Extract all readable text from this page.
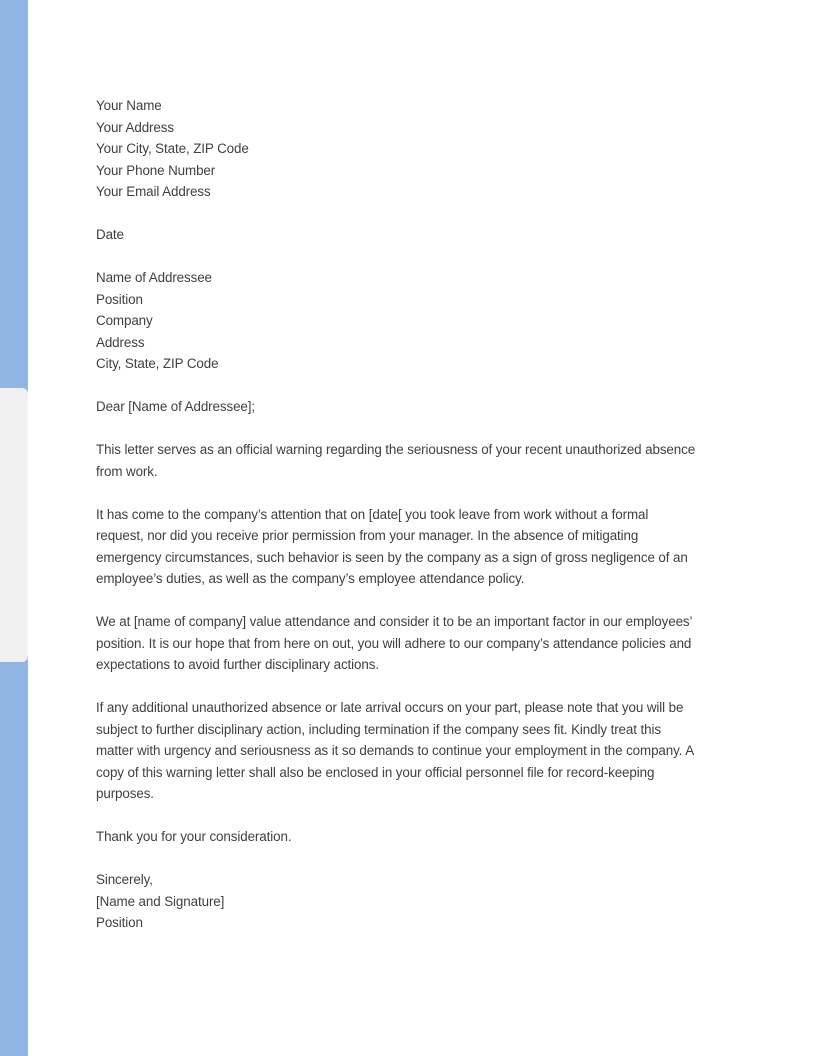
Your Name
Your Address
Your City, State, ZIP Code
Your Phone Number
Your Email Address
Date
Name of Addressee
Position
Company
Address
City, State, ZIP Code
Dear [Name of Addressee];
This letter serves as an official warning regarding the seriousness of your recent unauthorized absence
from work.
It has come to the company’s attention that on [date[ you took leave from work without a formal
request, nor did you receive prior permission from your manager. In the absence of mitigating
emergency circumstances, such behavior is seen by the company as a sign of gross negligence of an
employee’s duties, as well as the company’s employee attendance policy.
We at [name of company] value attendance and consider it to be an important factor in our employees’
position. It is our hope that from here on out, you will adhere to our company’s attendance policies and
expectations to avoid further disciplinary actions.
If any additional unauthorized absence or late arrival occurs on your part, please note that you will be
subject to further disciplinary action, including termination if the company sees fit. Kindly treat this
matter with urgency and seriousness as it so demands to continue your employment in the company. A
copy of this warning letter shall also be enclosed in your official personnel file for record-keeping
purposes.
Thank you for your consideration.
Sincerely,
[Name and Signature]
Position
